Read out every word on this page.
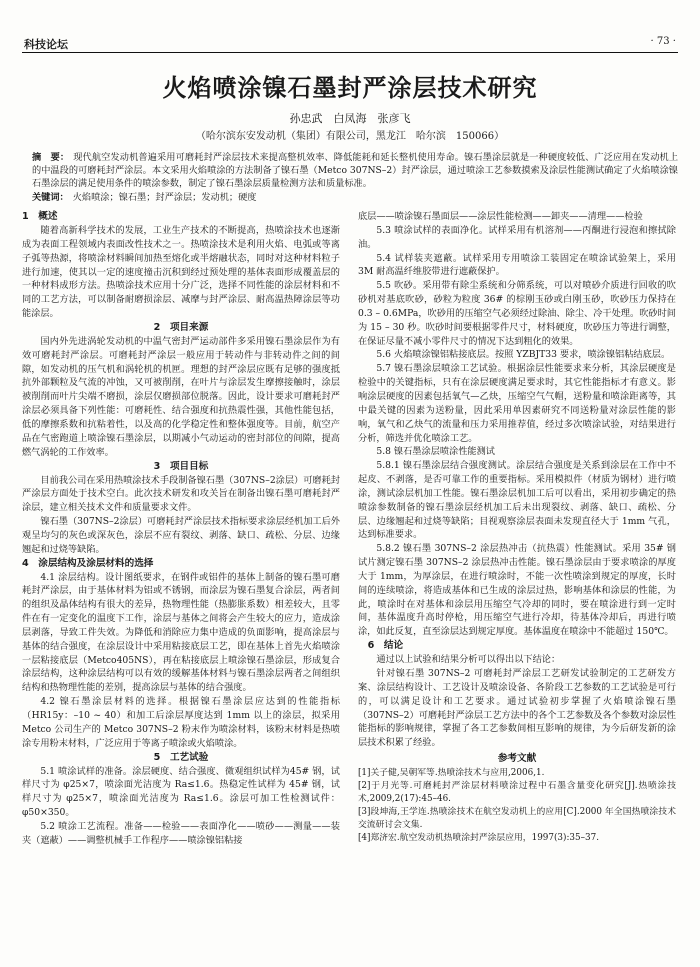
科技论坛	· 73 ·
火焰喷涂镍石墨封严涂层技术研究
孙忠武　白凤海　张彦飞
（哈尔滨东安发动机（集团）有限公司，黑龙江　哈尔滨　150066）

摘　要： 现代航空发动机普遍采用可磨耗封严涂层技术来提高整机效率、降低能耗和延长整机使用寿命。镍石墨涂层就是一种硬度较低、广泛应用在发动机上的中温段的可磨耗封严涂层。本文采用火焰喷涂的方法制备了镍石墨（Metco 307NS–2）封严涂层，通过喷涂工艺参数摸索及涂层性能测试确定了火焰喷涂镍石墨涂层的满足使用条件的喷涂参数，制定了镍石墨涂层质量检测方法和质量标准。

关键词： 火焰喷涂；镍石墨；封严涂层；发动机；硬度

1　概述

随着高新科学技术的发展，工业生产技术的不断提高，热喷涂技术也逐渐成为表面工程领域内表面改性技术之一。热喷涂技术是利用火焰、电弧或等离子弧等热源，将喷涂材料瞬间加热至熔化或半熔融状态，同时对这种材料粒子进行加速，使其以一定的速度撞击沉积到经过预处理的基体表面形成覆盖层的一种材料成形方法。热喷涂技术应用十分广泛，选择不同性能的涂层材料和不同的工艺方法，可以制备耐磨损涂层、减摩与封严涂层、耐高温热障涂层等功能涂层。

2　项目来源

国内外先进涡轮发动机的中温气密封严运动部件多采用镍石墨涂层作为有效可磨耗封严涂层。可磨耗封严涂层一般应用于转动件与非转动件之间的间隙，如发动机的压气机和涡轮机的机匣。理想的封严涂层应既有足够的强度抵抗外部颗粒及气流的冲蚀，又可被削削，在叶片与涂层发生摩擦接触时，涂层被削削而叶片尖端不磨损，涂层仅磨损部位脱落。因此，设计要求可磨耗封严涂层必须具备下列性能：可磨耗性、结合强度和抗热震性强，其他性能包括，低的摩擦系数和抗粘着性，以及高的化学稳定性和整体强度等。目前，航空产品在气密跑道上喷涂镍石墨涂层，以期减小气动运动的密封部位的间隙，提高燃气涡轮的工作效率。

3　项目目标

目前我公司在采用热喷涂技术手段制备镍石墨（307NS–2涂层）可磨耗封严涂层方面处于技术空白。此次技术研发和攻关旨在制备出镍石墨可磨耗封严涂层，建立相关技术文件和质量要求文件。

镍石墨（307NS–2涂层）可磨耗封严涂层技术指标要求涂层经机加工后外观呈均匀的灰色或深灰色，涂层不应有裂纹、剥落、缺口、疏松、分层、边缘翘起和过烧等缺陷。

4　涂层结构及涂层材料的选择

4.1 涂层结构。设计图纸要求，在钢件或铝件的基体上制备的镍石墨可磨耗封严涂层，由于基体材料为铝或不锈钢，而涂层为镍石墨复合涂层，两者间的组织及晶体结构有很大的差异，热物理性能（热膨胀系数）相差较大，且零件在有一定变化的温度下工作，涂层与基体之间将会产生较大的应力，造成涂层剥落，导致工件失效。为降低和消除应力集中造成的负面影响，提高涂层与基体的结合强度，在涂层设计中采用粘接底层工艺，即在基体上首先火焰喷涂一层粘接底层（Metco405NS），再在粘接底层上喷涂镍石墨涂层，形成复合涂层结构，这种涂层结构可以有效的缓解基体材料与镍石墨涂层两者之间组织结构和热物理性能的差别，提高涂层与基体的结合强度。

4.2 镍石墨涂层材料的选择。根据镍石墨涂层应达到的性能指标（HR15y：–10 ~ 40）和加工后涂层厚度达到 1mm 以上的涂层，拟采用 Metco 公司生产的 Metco 307NS–2 粉末作为喷涂材料，该粉末材料是热喷涂专用粉末材料，广泛应用于等离子喷涂或火焰喷涂。

5　工艺试验

5.1 喷涂试样的准备。涂层硬度、结合强度、微观组织试样为45# 钢，试样尺寸为 φ25×7，喷涂面光洁度为 Ra≤1.6。热稳定性试样为 45# 钢，试样尺寸为 φ25×7，喷涂面光洁度为 Ra≤1.6。涂层可加工性检测试件：φ50×350。

5.2 喷涂工艺流程。准备——检验——表面净化——喷砂——测量——装夹（遮蔽）——调整机械手工作程序——喷涂镍铝粘接

底层——喷涂镍石墨面层——涂层性能检测——卸夹——清理——检验

5.3 喷涂试样的表面净化。试样采用有机溶剂——丙酮进行浸泡和擦拭除油。

5.4 试样装夹遮蔽。试样采用专用喷涂工装固定在喷涂试验架上，采用 3M 耐高温纤维胶带进行遮蔽保护。

5.5 吹砂。采用带有除尘系统和分筛系统，可以对喷砂介质进行回收的吹砂机对基底吹砂，砂粒为粒度 36# 的棕刚玉砂或白刚玉砂，吹砂压力保持在 0.3 – 0.6MPa，吹砂用的压缩空气必须经过除油、除尘、冷干处理。吹砂时间为 15 – 30 秒。吹砂时间要根据零件尺寸，材料硬度，吹砂压力等进行调整，在保证尽量不减小零件尺寸的情况下达到粗化的效果。

5.6 火焰喷涂镍铝粘接底层。按照 YZBJT33 要求，喷涂镍铝粘结底层。

5.7 镍石墨涂层喷涂工艺试验。根据涂层性能要求来分析，其涂层硬度是检验中的关键指标，只有在涂层硬度满足要求时，其它性能指标才有意义。影响涂层硬度的因素包括氧气—乙炔，压缩空气气帽，送粉量和喷涂距离等，其中最关键的因素为送粉量，因此采用单因素研究不同送粉量对涂层性能的影响，氧气和乙炔气的流量和压力采用推荐值，经过多次喷涂试验，对结果进行分析，筛选并优化喷涂工艺。

5.8 镍石墨涂层喷涂性能测试

5.8.1 镍石墨涂层结合强度测试。涂层结合强度是关系到涂层在工作中不起皮、不剥落，是否可靠工作的重要指标。采用模拟件（材质为钢材）进行喷涂，测试涂层机加工性能。镍石墨涂层机加工后可以看出，采用初步确定的热喷涂参数制备的镍石墨涂层经机加工后未出现裂纹、剥落、缺口、疏松、分层、边缘翘起和过烧等缺陷；目视观察涂层表面未发现直径大于 1mm 气孔，达到标准要求。

5.8.2 镍石墨 307NS–2 涂层热冲击（抗热震）性能测试。采用 35# 钢试片测定镍石墨 307NS–2 涂层热冲击性能。镍石墨涂层由于要求喷涂的厚度大于 1mm，为厚涂层，在进行喷涂时，不能一次性喷涂到规定的厚度，长时间的连续喷涂，将造成基体和已生成的涂层过热，影响基体和涂层的性能，为此，喷涂时在对基体和涂层用压缩空气冷却的同时，要在喷涂进行到一定时间，基体温度升高时停枪，用压缩空气进行冷却，待基体冷却后，再进行喷涂，如此反复，直至涂层达到规定厚度。基体温度在喷涂中不能超过 150℃。

6　结论

通过以上试验和结果分析可以得出以下结论：

针对镍石墨 307NS–2 可磨耗封严涂层工艺研发试验制定的工艺研发方案、涂层结构设计、工艺设计及喷涂设备、各阶段工艺参数的工艺试验是可行的，可以满足设计和工艺要求。通过试验初步掌握了火焰喷涂镍石墨（307NS–2）可磨耗封严涂层工艺方法中的各个工艺参数及各个参数对涂层性能指标的影响规律，掌握了各工艺参数间相互影响的规律，为今后研发新的涂层技术积累了经验。

参考文献

[1]关子健,吴朝军等.热喷涂技术与应用,2006,1.

[2]于月光等.可磨耗封严涂层材料喷涂过程中石墨含量变化研究[J].热喷涂技术,2009,2(17):45–46.

[3]段坤海,王学连.热喷涂技术在航空发动机上的应用[C].2000 年全国热喷涂技术交流研讨会文集.

[4]郑济宏.航空发动机热喷涂封严涂层应用，1997(3):35–37.
